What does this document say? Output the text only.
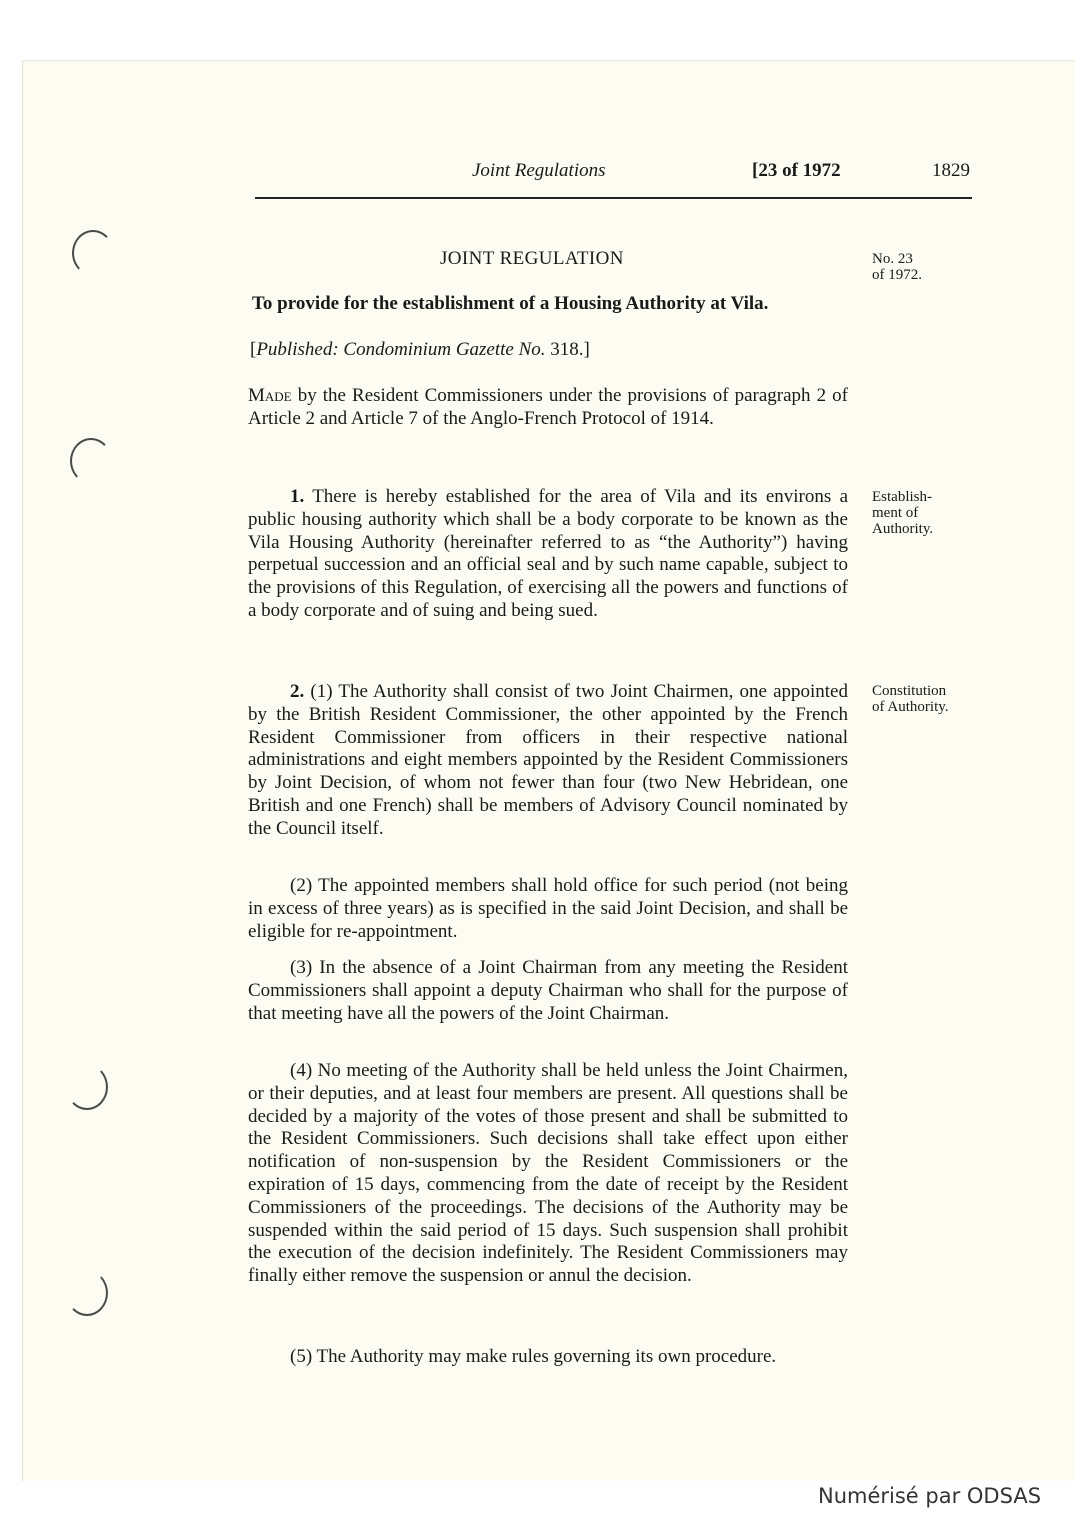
Joint Regulations	[23 of 1972	1829
JOINT REGULATION	No. 23
of 1972.
To provide for the establishment of a Housing Authority at Vila.
[Published: Condominium Gazette No. 318.]
Made by the Resident Commissioners under the provisions of paragraph 2 of Article 2 and Article 7 of the Anglo-French Protocol of 1914.

1. There is hereby established for the area of Vila and its environs a public housing authority which shall be a body corporate to be known as the Vila Housing Authority (hereinafter referred to as “the Authority”) having perpetual succession and an official seal and by such name capable, subject to the provisions of this Regulation, of exercising all the powers and functions of a body corporate and of suing and being sued.

Establish-
ment of
Authority.

2. (1) The Authority shall consist of two Joint Chairmen, one appointed by the British Resident Commissioner, the other appointed by the French Resident Commissioner from officers in their respective national administrations and eight members appointed by the Resident Commissioners by Joint Decision, of whom not fewer than four (two New Hebridean, one British and one French) shall be members of Advisory Council nominated by the Council itself.

Constitution
of Authority.

(2) The appointed members shall hold office for such period (not being in excess of three years) as is specified in the said Joint Decision, and shall be eligible for re-appointment.

(3) In the absence of a Joint Chairman from any meeting the Resident Commissioners shall appoint a deputy Chairman who shall for the purpose of that meeting have all the powers of the Joint Chairman.

(4) No meeting of the Authority shall be held unless the Joint Chairmen, or their deputies, and at least four members are present. All questions shall be decided by a majority of the votes of those present and shall be submitted to the Resident Commissioners. Such decisions shall take effect upon either notification of non-suspension by the Resident Commissioners or the expiration of 15 days, commencing from the date of receipt by the Resident Commissioners of the proceedings. The decisions of the Authority may be suspended within the said period of 15 days. Such suspension shall prohibit the execution of the decision indefinitely. The Resident Commissioners may finally either remove the suspension or annul the decision.

(5) The Authority may make rules governing its own procedure.

Numérisé par ODSAS
